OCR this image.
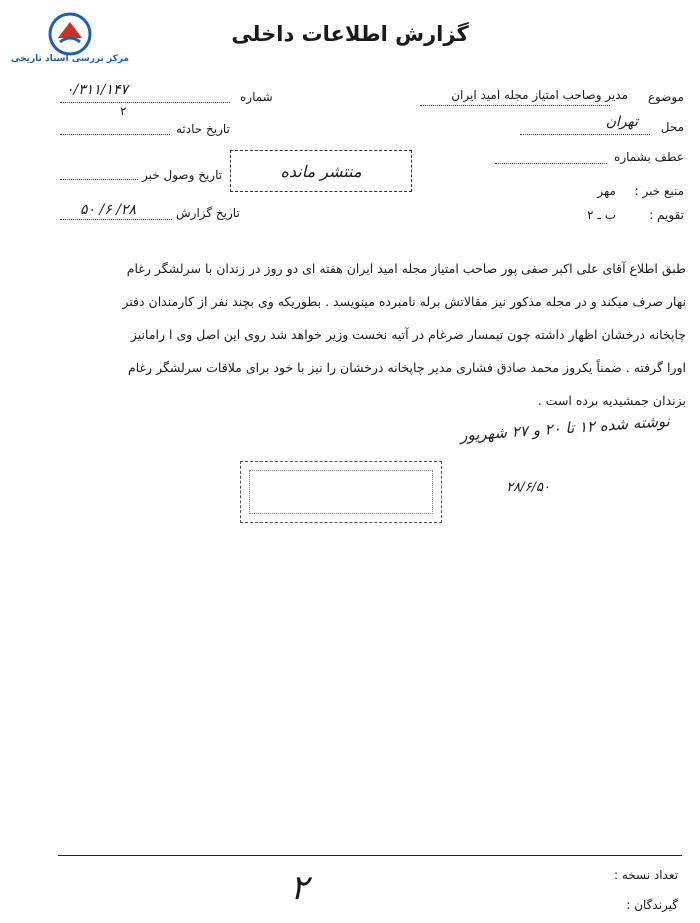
مرکز بررسی اسناد تاریخی
گزارش اطلاعات داخلی
موضوع
مدیر وصاحب امتیاز مجله امید ایران
محل
تهران
عطف بشماره
منبع خبر :
مهر
تقویم :
ب ـ ۲
شماره
۰/۳۱۱/۱۴۷
۲
تاریخ حادثه
منتشر مانده
تاریخ وصول خبر
تاریخ گزارش
۲۸/ ۶/ ۵۰

طبق اطلاع آقای علی اکبر صفی پور صاحب امتیاز مجله امید ایران هفته ای دو روز در زندان با سرلشگر رغام

نهار صرف میکند و در مجله مذکور نیز مقالاتش برله نامبرده مینویسد . بطوریکه وی بچند نفر از کارمندان دفتر

چاپخانه درخشان اظهار داشته چون تیمسار ضرغام در آتیه نخست وزیر خواهد شد روی این اصل وی ا رامانیز

اورا گرفته . ضمناً یکروز محمد صادق فشاری مدیر چاپخانه درخشان را نیز با خود برای ملاقات سرلشگر رغام

بزندان جمشیدیه برده است .

نوشته شده ۱۲ تا ۲۰ و ۲۷ شهریور
۲۸/۶/۵۰
تعداد نسخه :
گیرندگان :
۲
